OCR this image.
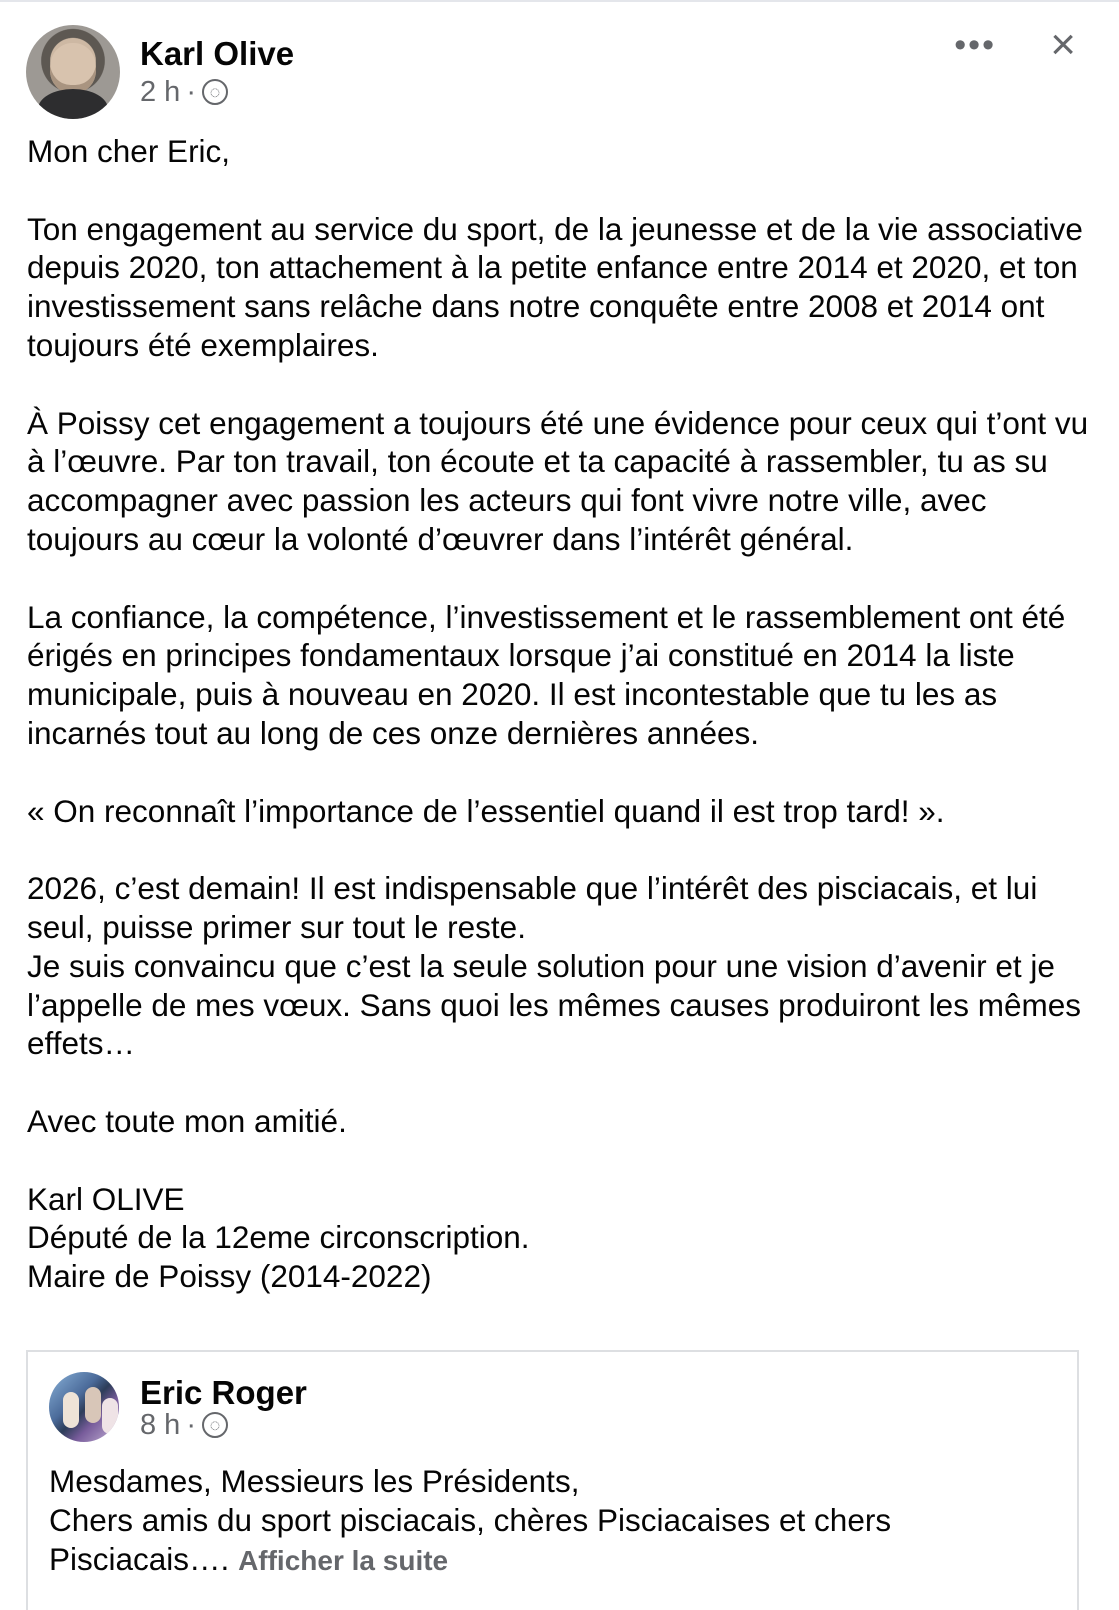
Karl Olive
2 h · ◌
••• ×
Mon cher Eric,

Ton engagement au service du sport, de la jeunesse et de la vie associative depuis 2020, ton attachement à la petite enfance entre 2014 et 2020, et ton investissement sans relâche dans notre conquête entre 2008 et 2014 ont toujours été exemplaires.

À Poissy cet engagement a toujours été une évidence pour ceux qui t’ont vu à l’œuvre. Par ton travail, ton écoute et ta capacité à rassembler, tu as su accompagner avec passion les acteurs qui font vivre notre ville, avec toujours au cœur la volonté d’œuvrer dans l’intérêt général.

La confiance, la compétence, l’investissement et le rassemblement ont été érigés en principes fondamentaux lorsque j’ai constitué en 2014 la liste municipale, puis à nouveau en 2020. Il est incontestable que tu les as incarnés tout au long de ces onze dernières années.

« On reconnaît l’importance de l’essentiel quand il est trop tard! ».

2026, c’est demain! Il est indispensable que l’intérêt des pisciacais, et lui seul, puisse primer sur tout le reste.
Je suis convaincu que c’est la seule solution pour une vision d’avenir et je l’appelle de mes vœux. Sans quoi les mêmes causes produiront les mêmes effets…

Avec toute mon amitié.

Karl OLIVE
Député de la 12eme circonscription.
Maire de Poissy (2014-2022)
Eric Roger
8 h · ◌
Mesdames, Messieurs les Présidents,
Chers amis du sport pisciacais, chères Pisciacaises et chers Pisciacais…. Afficher la suite
